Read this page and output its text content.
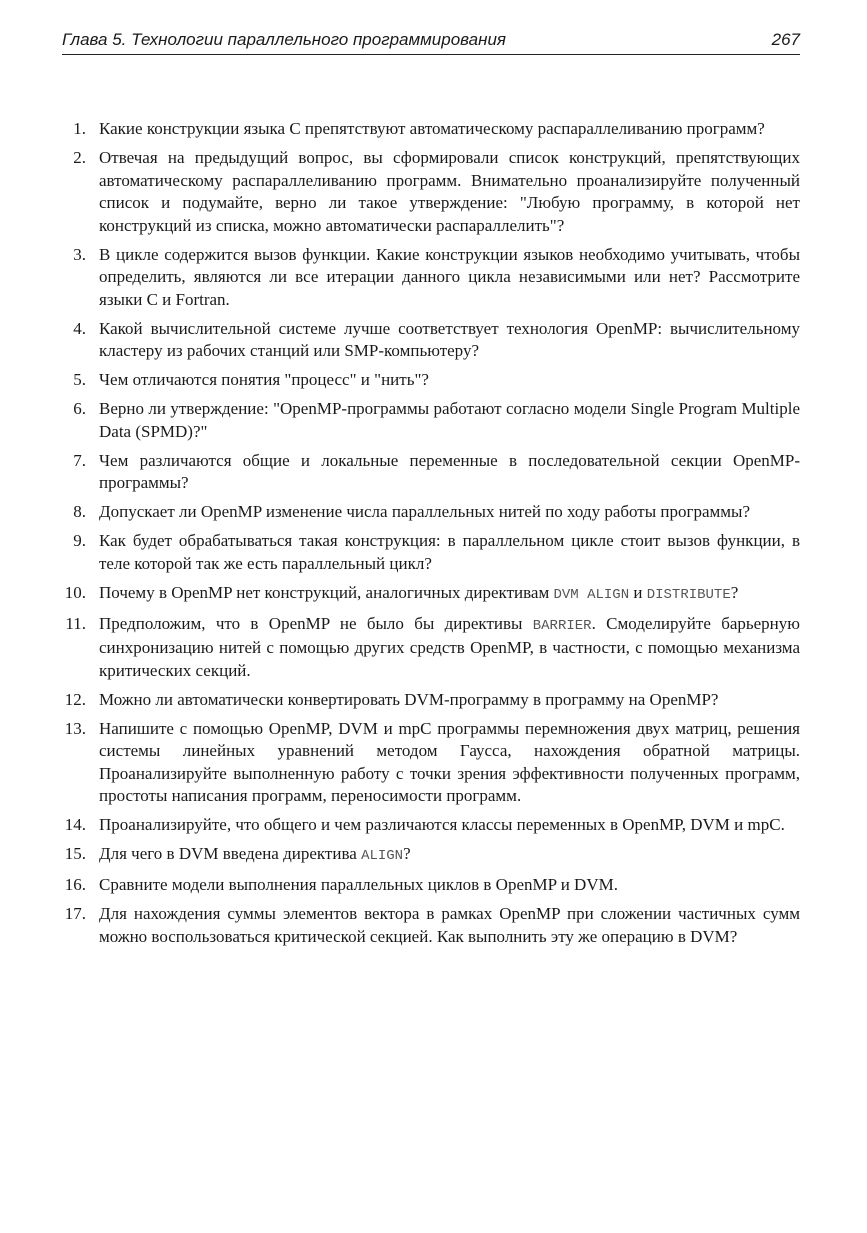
Глава 5. Технологии параллельного программирования	267
1. Какие конструкции языка C препятствуют автоматическому распараллеливанию программ?
2. Отвечая на предыдущий вопрос, вы сформировали список конструкций, препятствующих автоматическому распараллеливанию программ. Внимательно проанализируйте полученный список и подумайте, верно ли такое утверждение: "Любую программу, в которой нет конструкций из списка, можно автоматически распараллелить"?
3. В цикле содержится вызов функции. Какие конструкции языков необходимо учитывать, чтобы определить, являются ли все итерации данного цикла независимыми или нет? Рассмотрите языки C и Fortran.
4. Какой вычислительной системе лучше соответствует технология OpenMP: вычислительному кластеру из рабочих станций или SMP-компьютеру?
5. Чем отличаются понятия "процесс" и "нить"?
6. Верно ли утверждение: "OpenMP-программы работают согласно модели Single Program Multiple Data (SPMD)?"
7. Чем различаются общие и локальные переменные в последовательной секции OpenMP-программы?
8. Допускает ли OpenMP изменение числа параллельных нитей по ходу работы программы?
9. Как будет обрабатываться такая конструкция: в параллельном цикле стоит вызов функции, в теле которой так же есть параллельный цикл?
10. Почему в OpenMP нет конструкций, аналогичных директивам DVM ALIGN и DISTRIBUTE?
11. Предположим, что в OpenMP не было бы директивы BARRIER. Смоделируйте барьерную синхронизацию нитей с помощью других средств OpenMP, в частности, с помощью механизма критических секций.
12. Можно ли автоматически конвертировать DVM-программу в программу на OpenMP?
13. Напишите с помощью OpenMP, DVM и mpC программы перемножения двух матриц, решения системы линейных уравнений методом Гаусса, нахождения обратной матрицы. Проанализируйте выполненную работу с точки зрения эффективности полученных программ, простоты написания программ, переносимости программ.
14. Проанализируйте, что общего и чем различаются классы переменных в OpenMP, DVM и mpC.
15. Для чего в DVM введена директива ALIGN?
16. Сравните модели выполнения параллельных циклов в OpenMP и DVM.
17. Для нахождения суммы элементов вектора в рамках OpenMP при сложении частичных сумм можно воспользоваться критической секцией. Как выполнить эту же операцию в DVM?
